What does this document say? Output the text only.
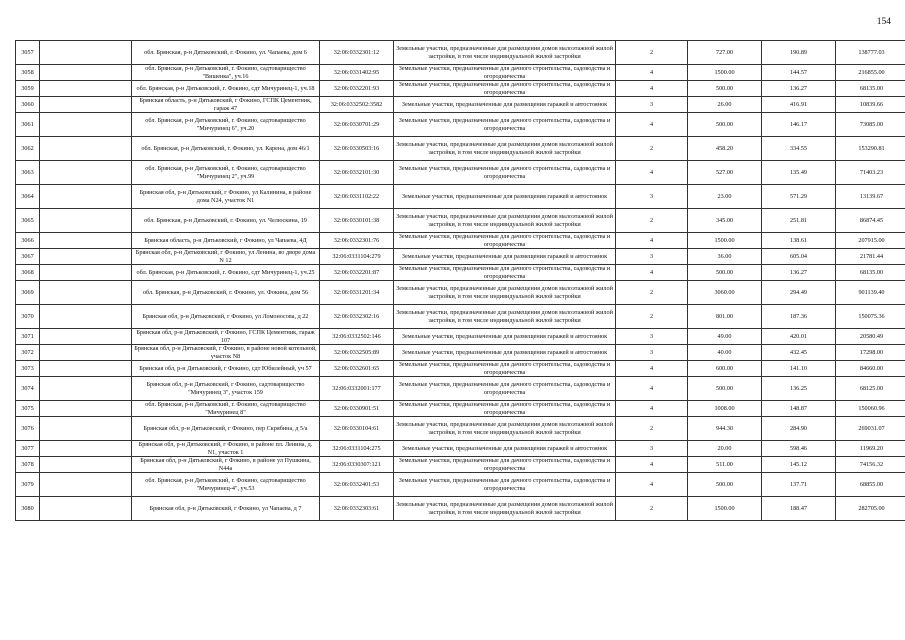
154
3057		обл. Брянская, р-н Дятьковский, г. Фокино, ул. Чапаева, дом 6	32:06:0332301:12	Земельные участки, предназначенные для размещения домов малоэтажной жилой застройки, в том числе индивидуальной жилой застройки	2	727.00	190.89	138777.03
3058		обл. Брянская, р-н Дятьковский, г. Фокино, садтоварищество "Вишенка", уч.16	32:06:0331402:95	Земельные участки, предназначенные для дачного строительства, садоводства и огородничества	4	1500.00	144.57	216855.00
3059		обл. Брянская, р-н Дятьковский, г. Фокино, сдт Мичуринец-1, уч.18	32:06:0332201:93	Земельные участки, предназначенные для дачного строительства, садоводства и огородничества	4	500.00	136.27	68135.00
3060		Брянская область, р-н Дятьковский, г Фокино, ГСПК Цементник, гараж 47	32:06:0332502:3582	Земельные участки, предназначенные для размещения гаражей и автостоянок	3	26.00	416.91	10839.66
3061		обл. Брянская, р-н Дятьковский, г. Фокино, садтоварищество "Мичуринец 6", уч.20	32:06:0330701:29	Земельные участки, предназначенные для дачного строительства, садоводства и огородничества	4	500.00	146.17	73085.00
3062		обл. Брянская, р-н Дятьковский, г. Фокино, ул. Карена, дом 46/1	32:06:0330503:16	Земельные участки, предназначенные для размещения домов малоэтажной жилой застройки, в том числе индивидуальной жилой застройки	2	458.20	334.55	153290.81
3063		обл. Брянская, р-н Дятьковский, г. Фокино, садтоварищество "Мичуринец 2", уч.99	32:06:0332101:30	Земельные участки, предназначенные для дачного строительства, садоводства и огородничества	4	527.00	135.49	71403.23
3064		Брянская обл, р-н Дятьковский, г Фокино, ул Калинина, в районе дома N24, участок N1	32:06:0331102:22	Земельные участки, предназначенные для размещения гаражей и автостоянок	3	23.00	571.29	13139.67
3065		обл. Брянская, р-н Дятьковский, г. Фокино, ул. Челюскина, 19	32:06:0330101:38	Земельные участки, предназначенные для размещения домов малоэтажной жилой застройки, в том числе индивидуальной жилой застройки	2	345.00	251.81	86874.45
3066		Брянская область, р-н Дятьковский, г Фокино, ул Чапаева, 4Д	32:06:0332301:76	Земельные участки, предназначенные для дачного строительства, садоводства и огородничества	4	1500.00	138.61	207915.00
3067		Брянская обл, р-н Дятьковский, г Фокино, ул Ленина, во дворе дома N 12	32:06:0331104:279	Земельные участки, предназначенные для размещения гаражей и автостоянок	3	36.00	605.04	21781.44
3068		обл. Брянская, р-н Дятьковский, г. Фокино, сдт Мичуринец-1, уч.25	32:06:0332201:87	Земельные участки, предназначенные для дачного строительства, садоводства и огородничества	4	500.00	136.27	68135.00
3069		обл. Брянская, р-н Дятьковский, г. Фокино, ул. Фокина, дом 56	32:06:0331201:34	Земельные участки, предназначенные для размещения домов малоэтажной жилой застройки, в том числе индивидуальной жилой застройки	2	3060.00	294.49	901139.40
3070		Брянская обл, р-н Дятьковский, г Фокино, ул Ломоносова, д 22	32:06:0332302:16	Земельные участки, предназначенные для размещения домов малоэтажной жилой застройки, в том числе индивидуальной жилой застройки	2	801.00	187.36	150075.36
3071		Брянская обл, р-н Дятьковский, г Фокино, ГСПК Цементник, гараж 107	32:06:0332502:146	Земельные участки, предназначенные для размещения гаражей и автостоянок	3	49.00	420.01	20580.49
3072		Брянская обл, р-н Дятьковский, г Фокино, в районе новой котельной, участок N8	32:06:0332505:89	Земельные участки, предназначенные для размещения гаражей и автостоянок	3	40.00	432.45	17298.00
3073		Брянская обл, р-н Дятьковский, г Фокино, сдт Юбилейный, уч 57	32:06:0332601:65	Земельные участки, предназначенные для дачного строительства, садоводства и огородничества	4	600.00	141.10	84660.00
3074		Брянская обл, р-н Дятьковский, г Фокино, садтоварищество "Мичуринец 3", участок 159	32:06:0332001:177	Земельные участки, предназначенные для дачного строительства, садоводства и огородничества	4	500.00	136.25	68125.00
3075		обл. Брянская, р-н Дятьковский, г. Фокино, садтоварищество "Мичуринец 8"	32:06:0330901:51	Земельные участки, предназначенные для дачного строительства, садоводства и огородничества	4	1008.00	148.87	150060.96
3076		Брянская обл, р-н Дятьковский, г Фокино, пер Скрябина, д 5/а	32:06:0330104:61	Земельные участки, предназначенные для размещения домов малоэтажной жилой застройки, в том числе индивидуальной жилой застройки	2	944.30	284.90	269031.07
3077		Брянская обл, р-н Дятьковский, г Фокино, в районе пл. Ленина, д. N1, участок 1	32:06:0331104:275	Земельные участки, предназначенные для размещения гаражей и автостоянок	3	20.00	598.46	11969.20
3078		Брянская обл, р-н Дятьковский, г Фокино, в районе ул Пушкина, N44а	32:06:0330307:121	Земельные участки, предназначенные для дачного строительства, садоводства и огородничества	4	511.00	145.12	74156.32
3079		обл. Брянская, р-н Дятьковский, г. Фокино, садтоварищество "Мичуринец-4", уч.53	32:06:0332401:53	Земельные участки, предназначенные для дачного строительства, садоводства и огородничества	4	500.00	137.71	68855.00
3080		Брянская обл, р-н Дятьковский, г Фокино, ул Чапаева, д 7	32:06:0332303:61	Земельные участки, предназначенные для размещения домов малоэтажной жилой застройки, в том числе индивидуальной жилой застройки	2	1500.00	188.47	282705.00
